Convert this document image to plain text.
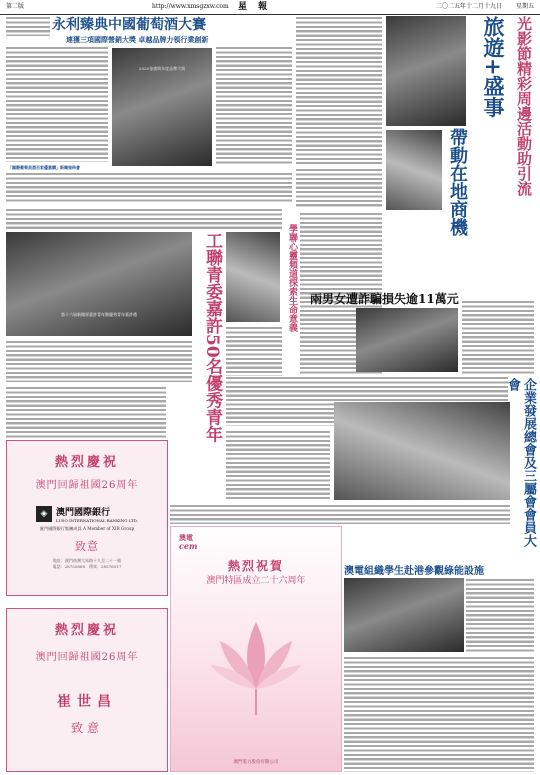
第二版	http://www.xmsgzxw.com 星 報	二〇二五年十二月十九日 星期五
永利臻典中國葡萄酒大賽
連獲三項國際營銷大獎 卓越品牌力領行業創新
2025金旗獎年度品牌大獎
「國際葡萄美酒百家優惠購」新聞發佈會
旅遊+盛事
帶動在地商機	光影節精彩周邊活動助引流
第十六屆新聞界嘉許青年暨優秀青年嘉許禮	工聯青委嘉許50名優秀青年	學聯心靈頻道探索生命意義 兩男女遭詐騙損失逾11萬元
企業發展總會及三屬會會員大會
澳電組織學生赴港參觀綠能設施
熱烈慶祝
澳門回歸祖國26周年
◈ 澳門國際銀行
LUSO INTERNATIONAL BANKING LTD.
廈門國際銀行集團成員 A Member of XIB Group
致意
地址：澳門南灣大馬路十九至二十一號
電話：28755888　傳真：28578517
熱烈慶祝
澳門回歸祖國26周年
崔世昌
致意
澳電
cem
熱烈祝賀
澳門特區成立二十六周年
澳門電力股份有限公司
